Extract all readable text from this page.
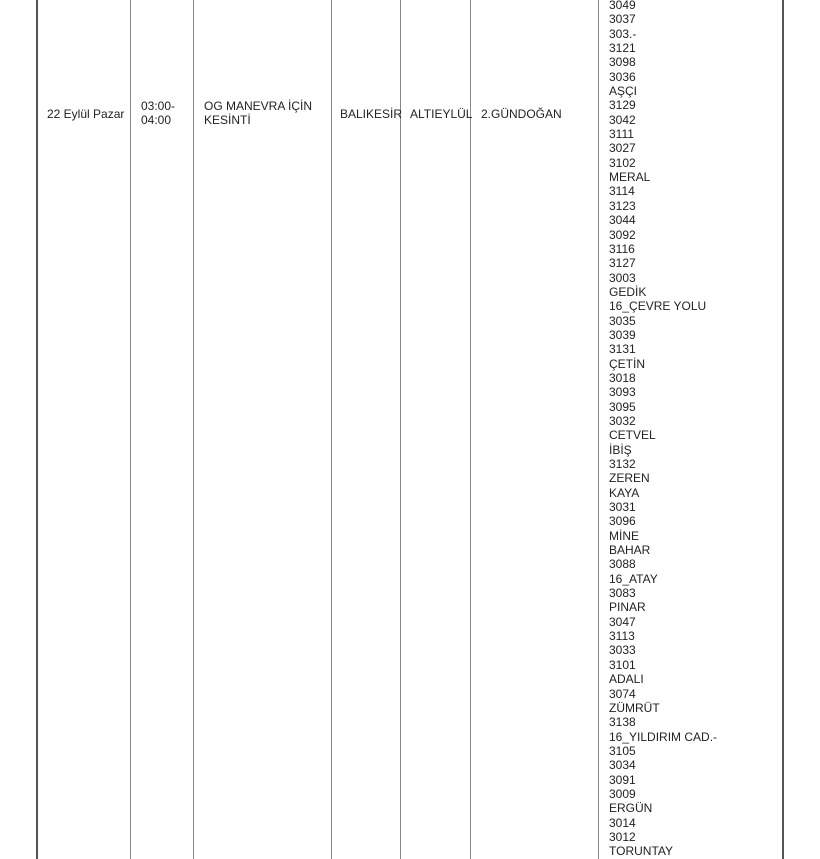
22 Eylül Pazar
03:00-
04:00
OG MANEVRA İÇİN
KESİNTİ	BALIKESİR ALTIEYLÜL 2.GÜNDOĞAN
3049
3037
303.-
3121
3098
3036
AŞÇI
3129
3042
3111
3027
3102
MERAL
3114
3123
3044
3092
3116
3127
3003
GEDİK
16_ÇEVRE YOLU
3035
3039
3131
ÇETİN
3018
3093
3095
3032
CETVEL
İBİŞ
3132
ZEREN
KAYA
3031
3096
MİNE
BAHAR
3088
16_ATAY
3083
PINAR
3047
3113
3033
3101
ADALI
3074
ZÜMRÜT
3138
16_YILDIRIM CAD.-
3105
3034
3091
3009
ERGÜN
3014
3012
TORUNTAY
